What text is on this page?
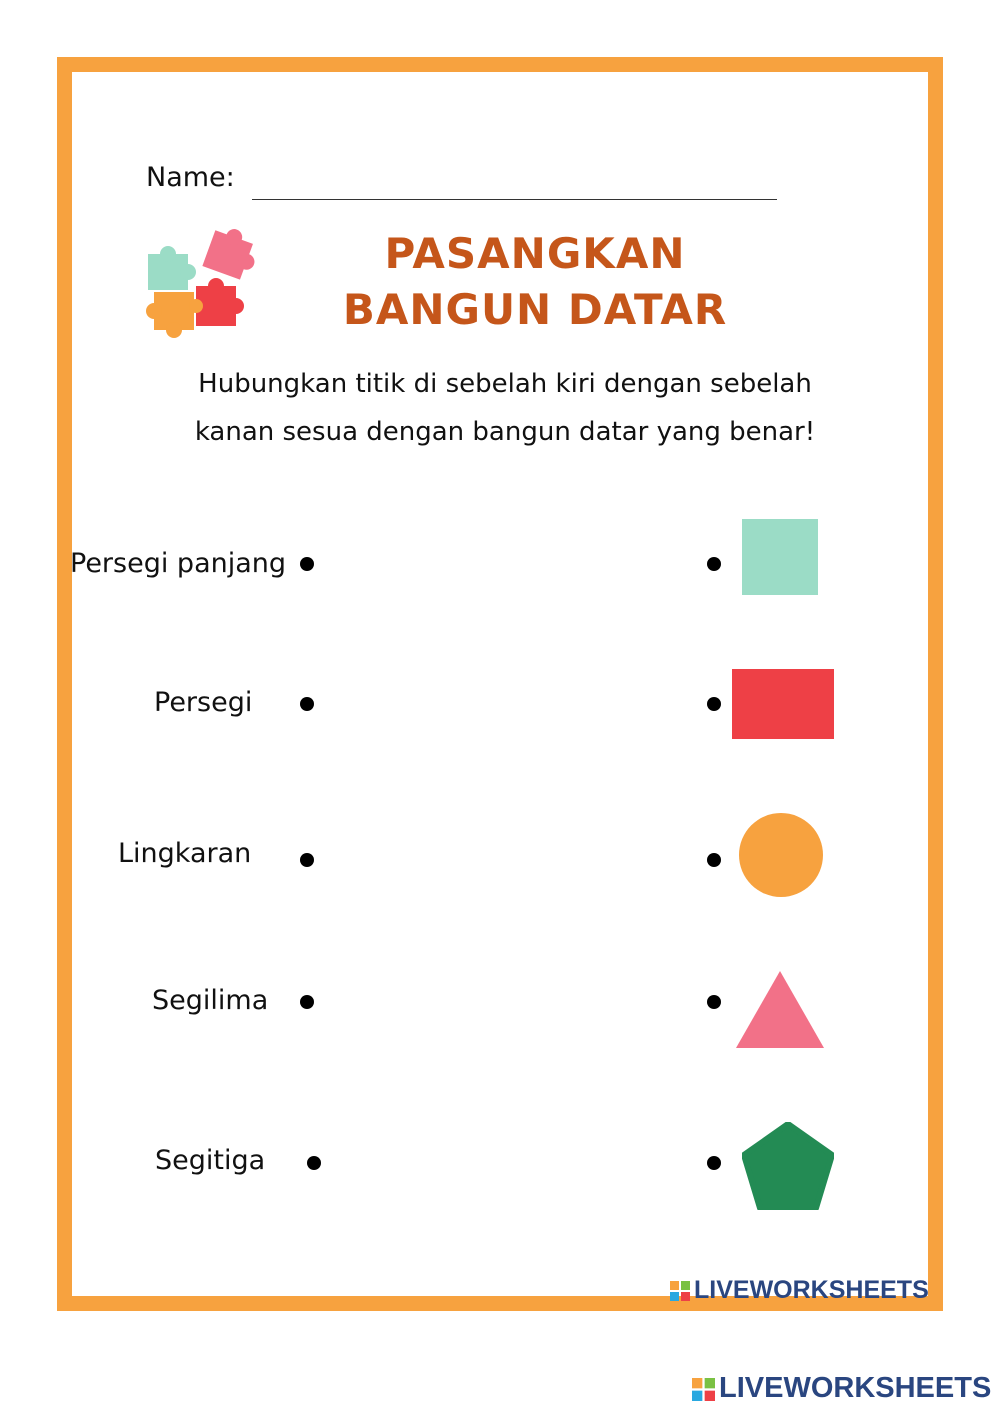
Name:
PASANGKAN
BANGUN DATAR
Hubungkan titik di sebelah kiri dengan sebelah
kanan sesua dengan bangun datar yang benar!
Persegi panjang
Persegi
Lingkaran
Segilima
Segitiga
LIVEWORKSHEETS
LIVEWORKSHEETS
